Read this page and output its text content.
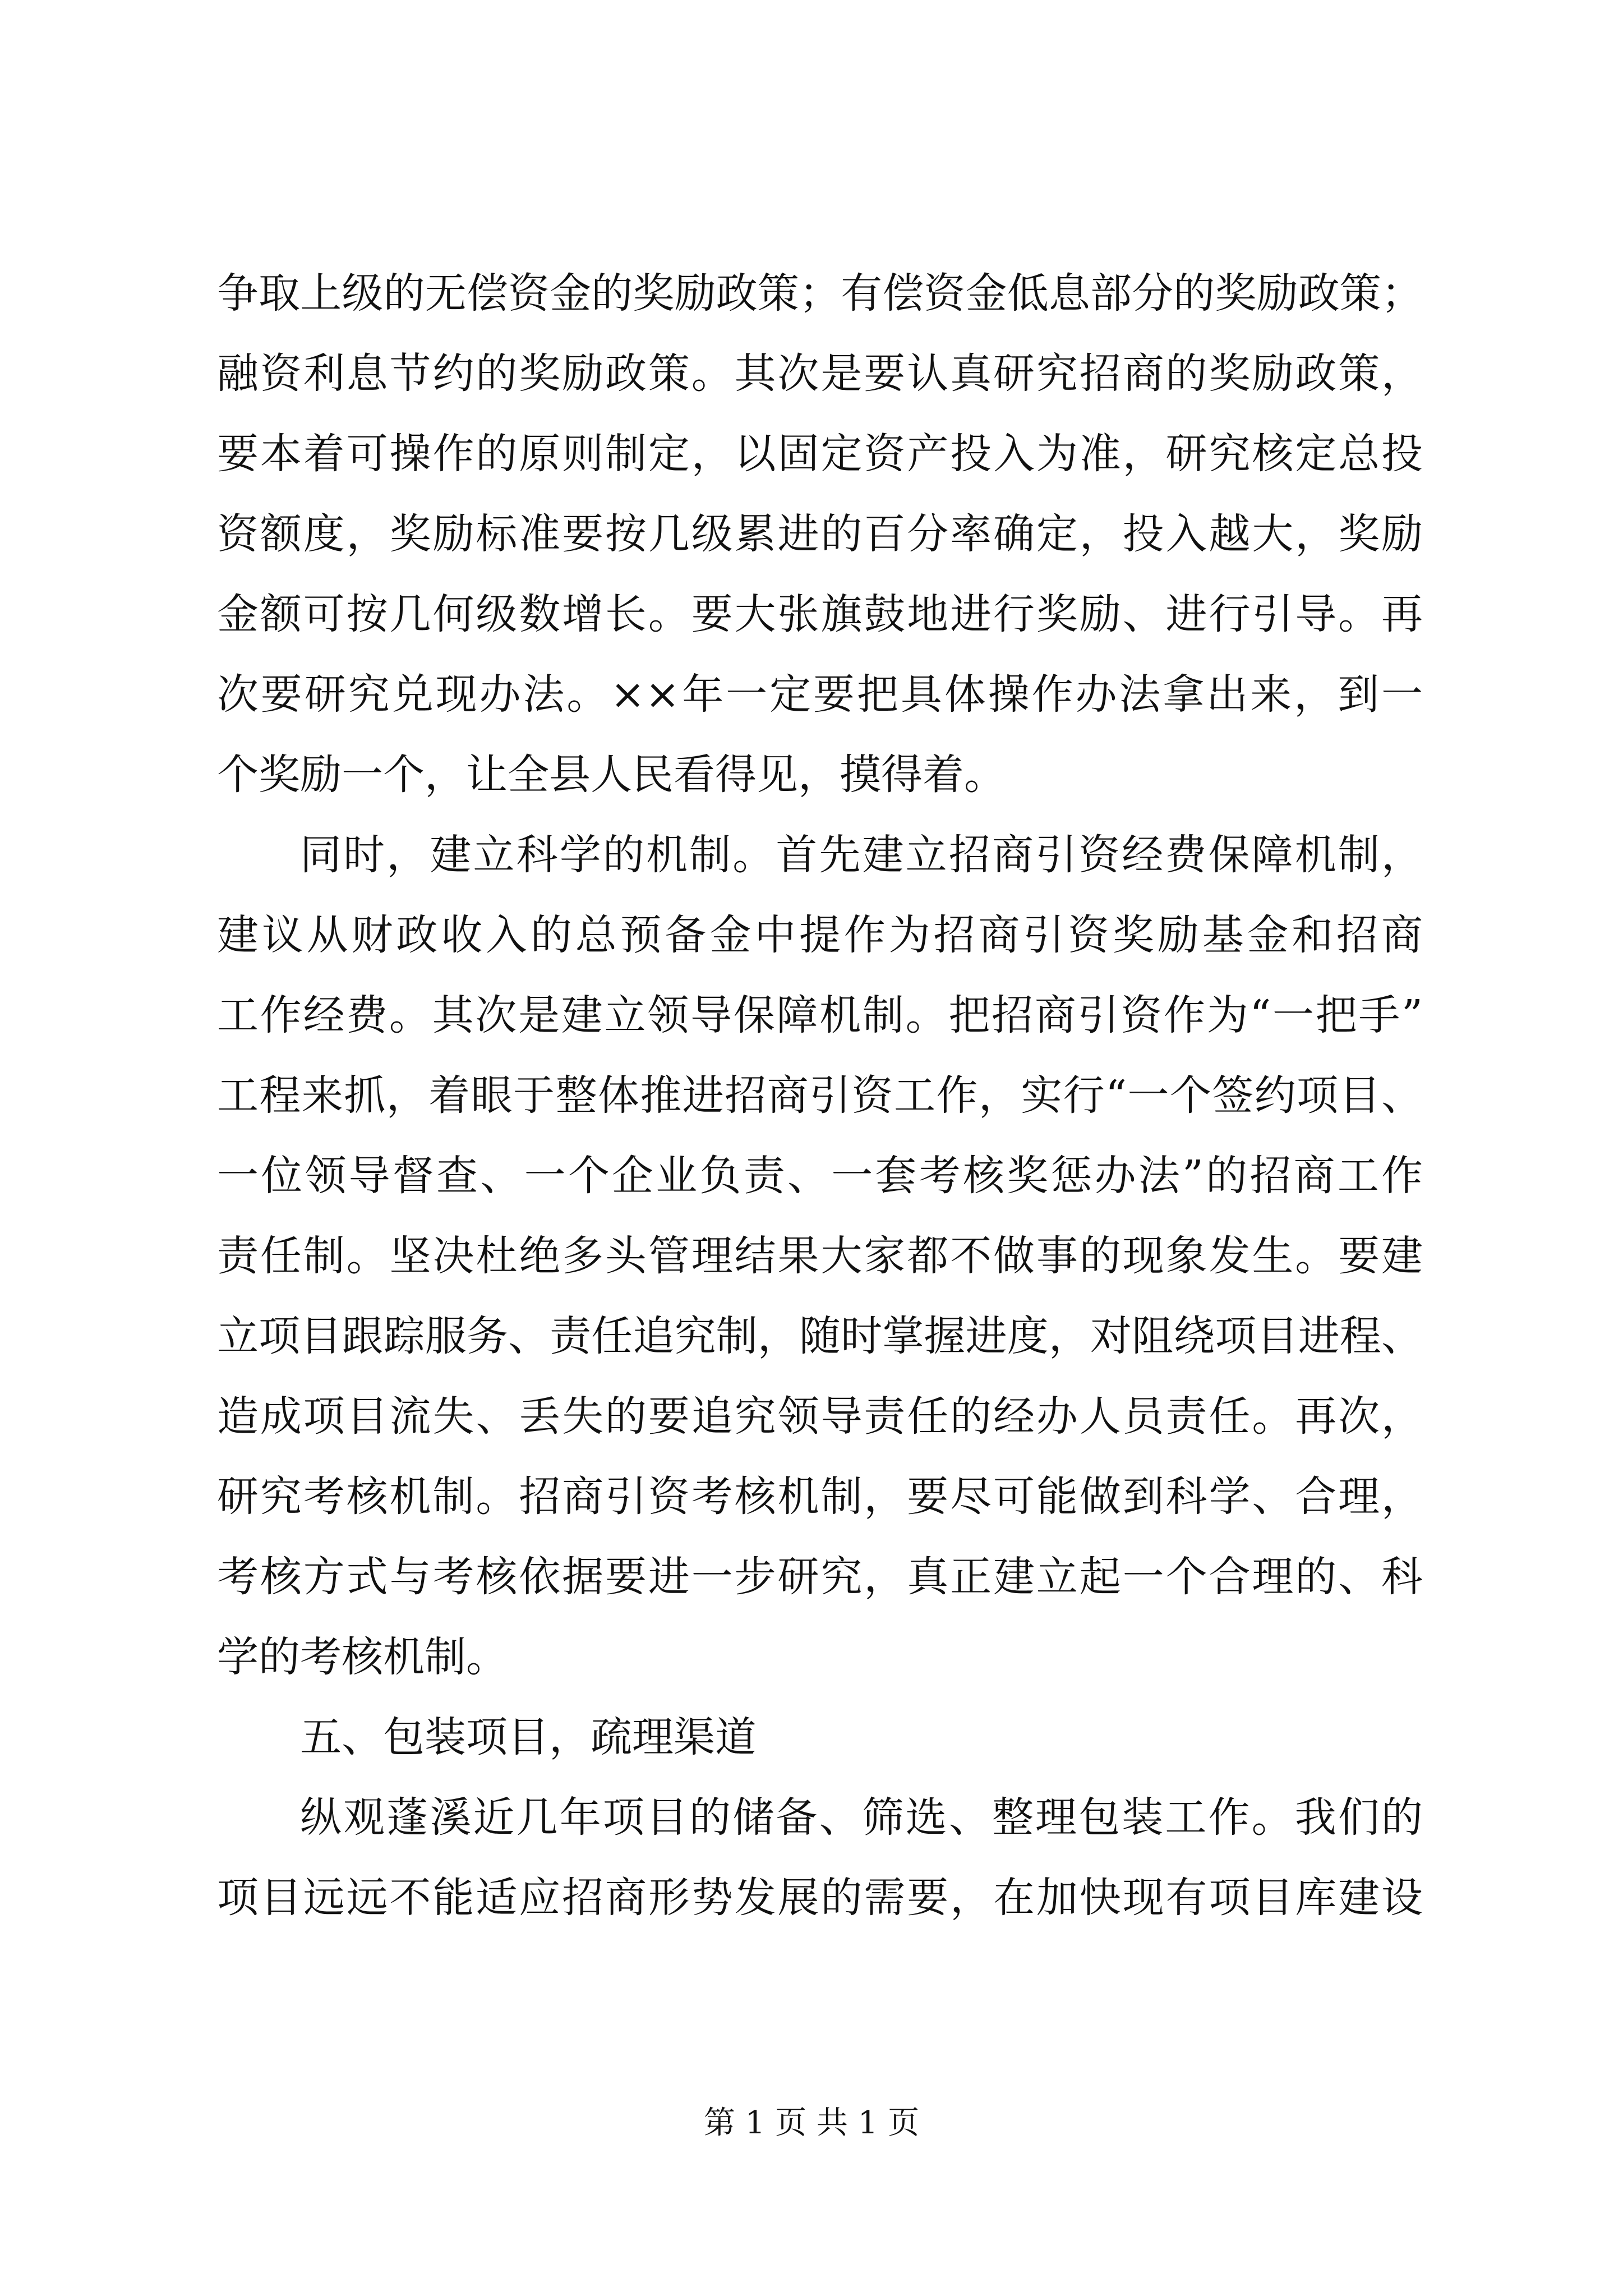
争取上级的无偿资金的奖励政策；有偿资金低息部分的奖励政策；
融资利息节约的奖励政策。其次是要认真研究招商的奖励政策，
要本着可操作的原则制定，以固定资产投入为准，研究核定总投
资额度，奖励标准要按几级累进的百分率确定，投入越大，奖励
金额可按几何级数增长。要大张旗鼓地进行奖励、进行引导。再
次要研究兑现办法。××年一定要把具体操作办法拿出来，到一
个奖励一个，让全县人民看得见，摸得着。
同时，建立科学的机制。首先建立招商引资经费保障机制，
建议从财政收入的总预备金中提作为招商引资奖励基金和招商
工作经费。其次是建立领导保障机制。把招商引资作为“一把手”
工程来抓，着眼于整体推进招商引资工作，实行“一个签约项目、
一位领导督查、一个企业负责、一套考核奖惩办法”的招商工作
责任制。坚决杜绝多头管理结果大家都不做事的现象发生。要建
立项目跟踪服务、责任追究制，随时掌握进度，对阻绕项目进程、
造成项目流失、丢失的要追究领导责任的经办人员责任。再次，
研究考核机制。招商引资考核机制，要尽可能做到科学、合理，
考核方式与考核依据要进一步研究，真正建立起一个合理的、科
学的考核机制。
五、包装项目，疏理渠道
纵观蓬溪近几年项目的储备、筛选、整理包装工作。我们的
项目远远不能适应招商形势发展的需要，在加快现有项目库建设
第 1 页 共 1 页
